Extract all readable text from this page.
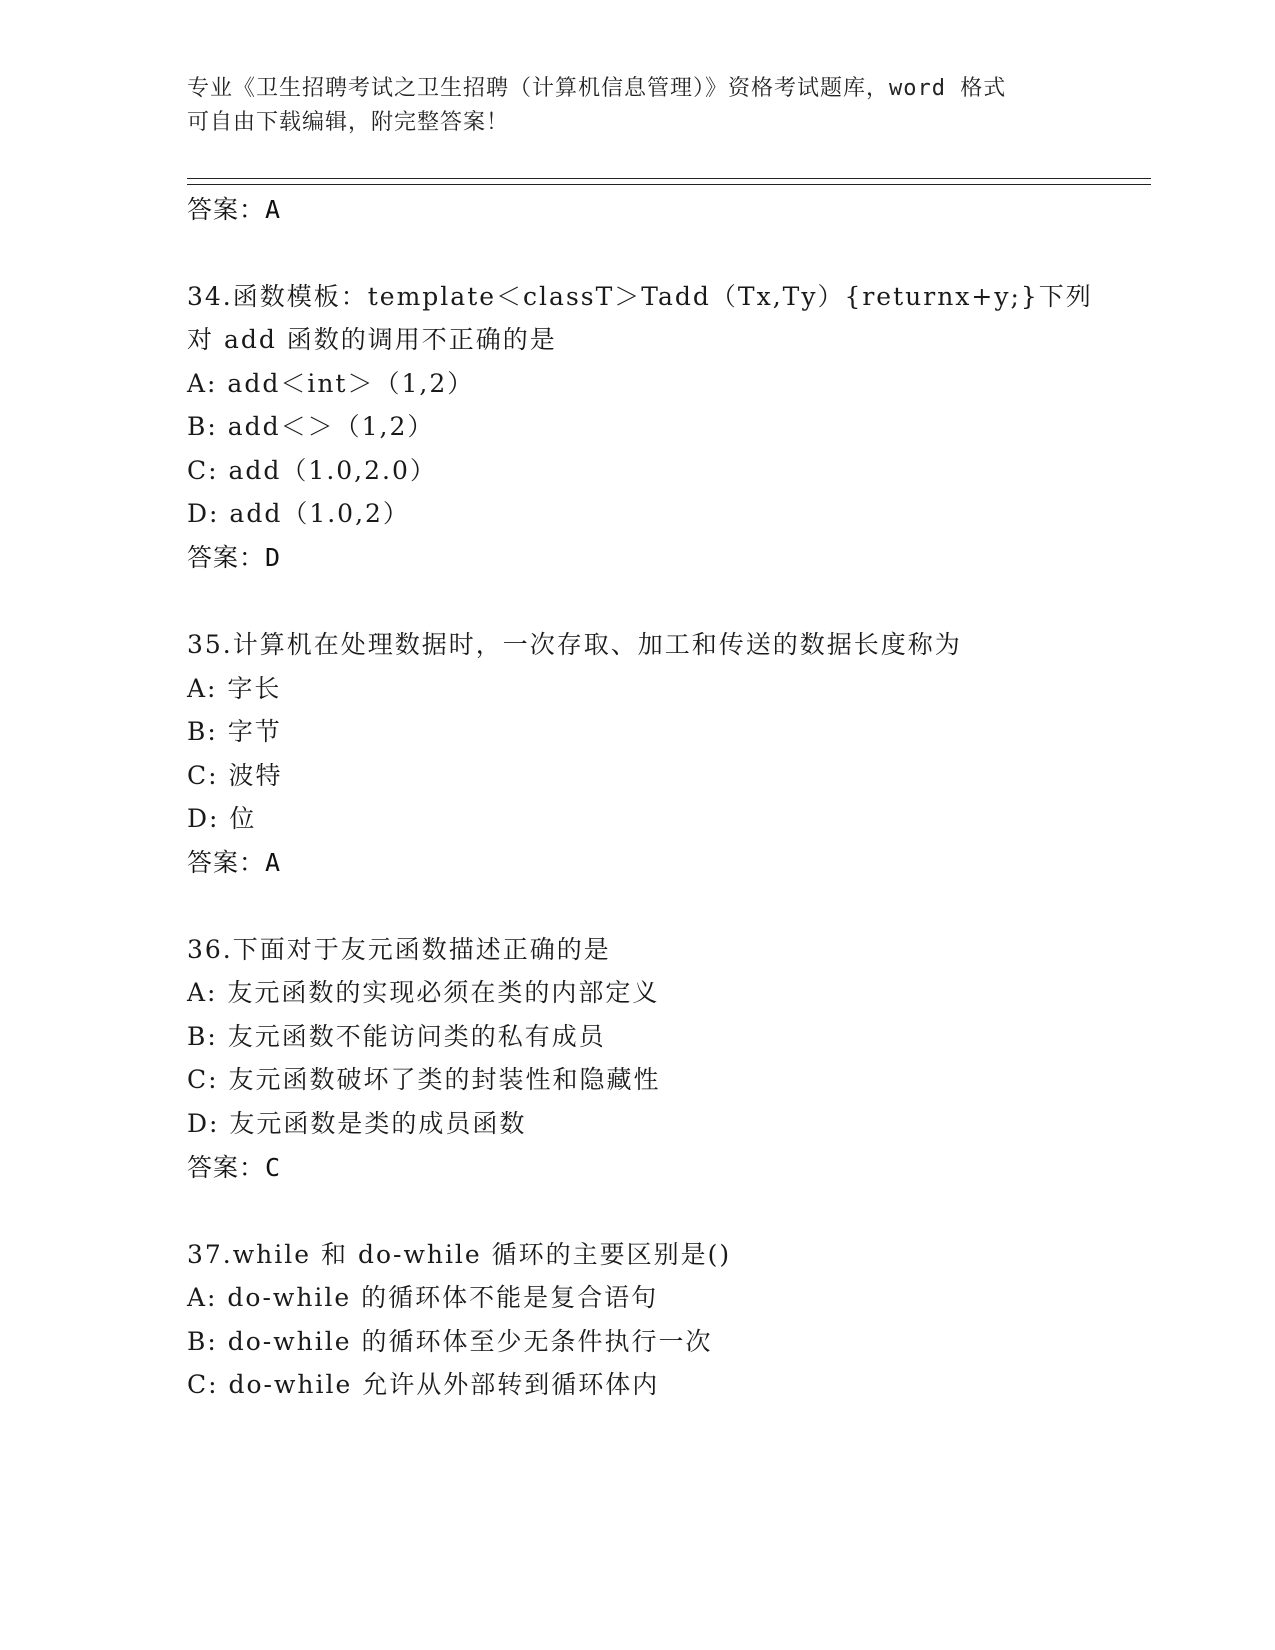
专业《卫生招聘考试之卫生招聘（计算机信息管理）》资格考试题库，word 格式
可自由下载编辑，附完整答案！
答案：A
34.函数模板：template＜classT＞Tadd（Tx,Ty）{returnx+y;}下列
对 add 函数的调用不正确的是
A: add＜int＞（1,2）
B: add＜＞（1,2）
C: add（1.0,2.0）
D: add（1.0,2）
答案：D
35.计算机在处理数据时，一次存取、加工和传送的数据长度称为
A: 字长
B: 字节
C: 波特
D: 位
答案：A
36.下面对于友元函数描述正确的是
A: 友元函数的实现必须在类的内部定义
B: 友元函数不能访问类的私有成员
C: 友元函数破坏了类的封装性和隐藏性
D: 友元函数是类的成员函数
答案：C
37.while 和 do-while 循环的主要区别是()
A: do-while 的循环体不能是复合语句
B: do-while 的循环体至少无条件执行一次
C: do-while 允许从外部转到循环体内
